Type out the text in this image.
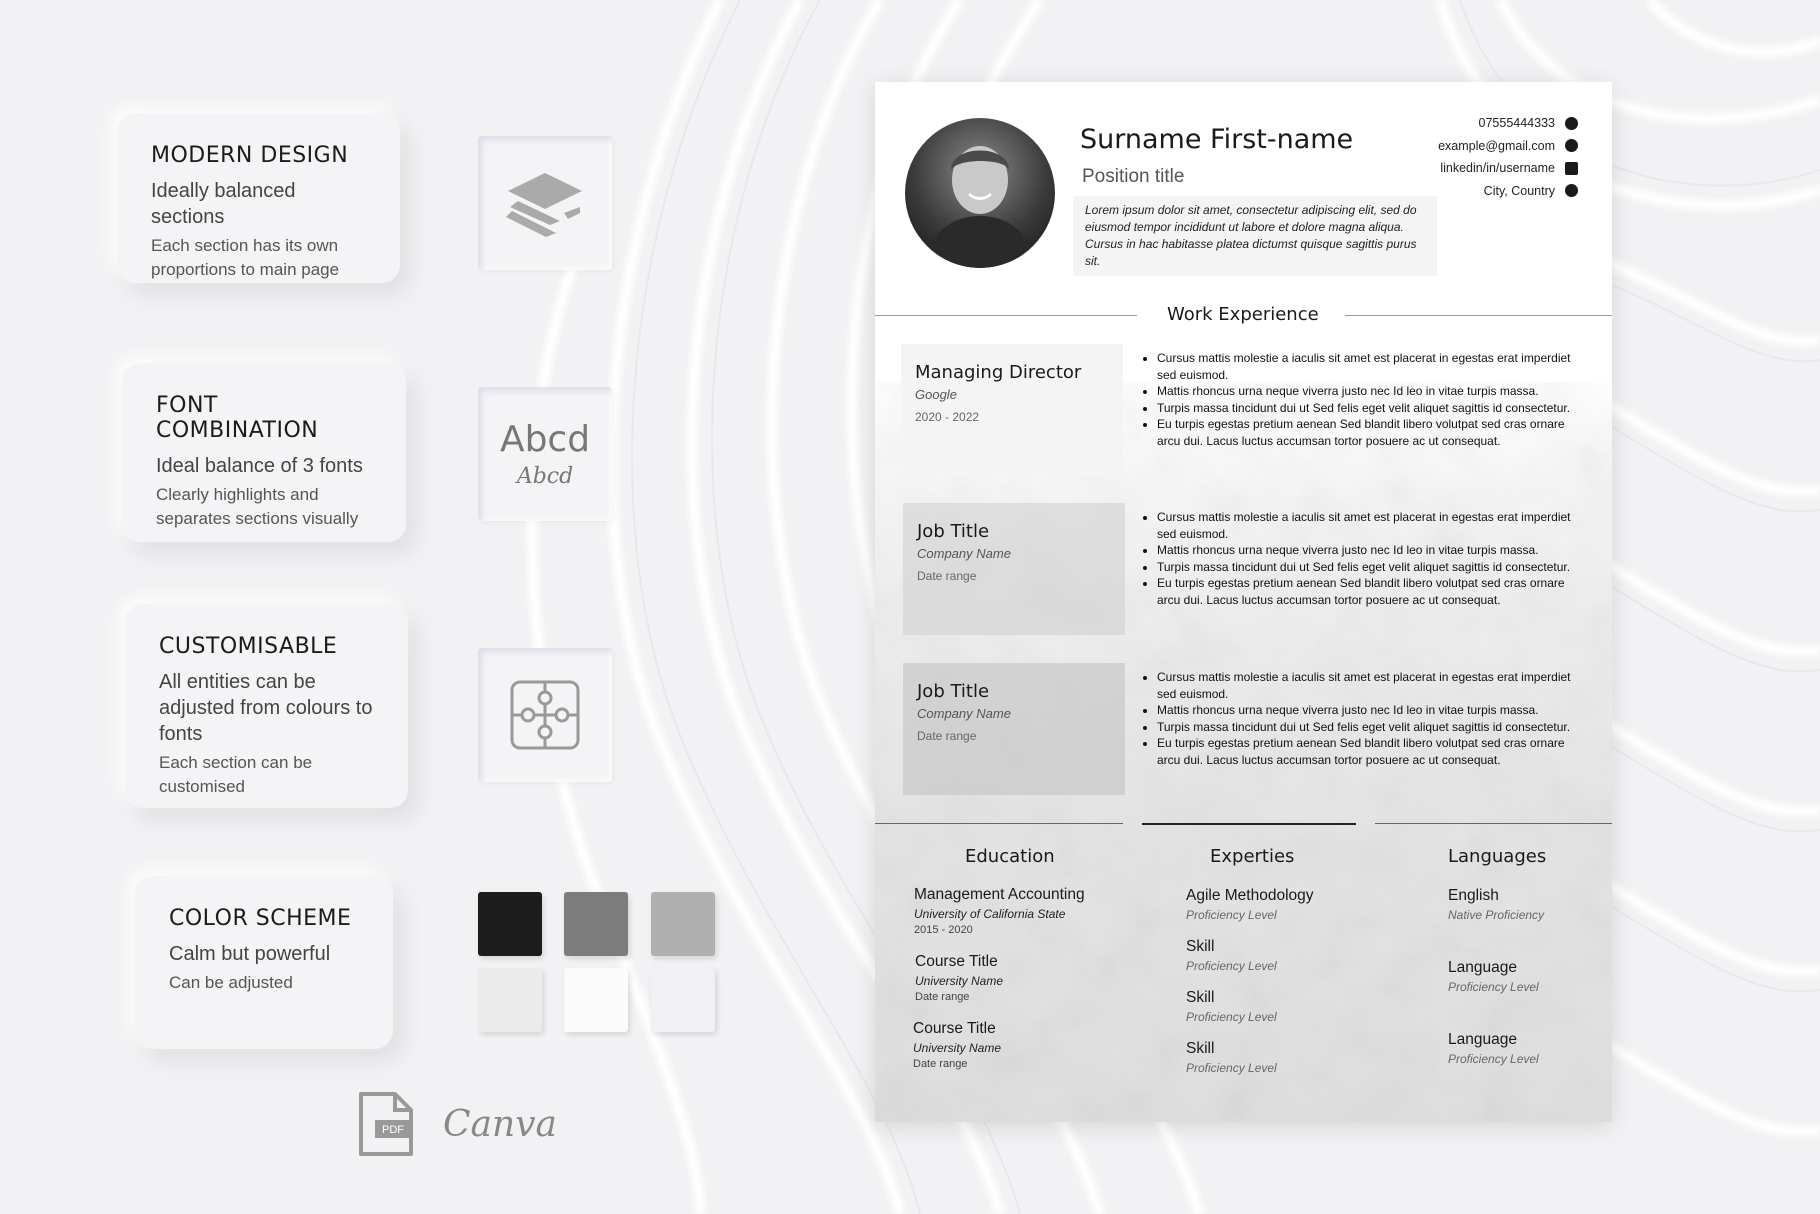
MODERN DESIGN
Ideally balanced sections
Each section has its own proportions to main page
FONT COMBINATION
Ideal balance of 3 fonts
Clearly highlights and separates sections visually
Abcd
Abcd
CUSTOMISABLE
All entities can be adjusted from colours to fonts
Each section can be customised
COLOR SCHEME
Calm but powerful
Can be adjusted
PDF Canva
Surname First-name
Position title
Lorem ipsum dolor sit amet, consectetur adipiscing elit, sed do eiusmod tempor incididunt ut labore et dolore magna aliqua. Cursus in hac habitasse platea dictumst quisque sagittis purus sit.
07555444333
example@gmail.com
linkedin/in/username
City, Country
Work Experience
Managing Director
Google
2020 - 2022
• Cursus mattis molestie a iaculis sit amet est placerat in egestas erat imperdiet sed euismod.
• Mattis rhoncus urna neque viverra justo nec Id leo in vitae turpis massa.
• Turpis massa tincidunt dui ut Sed felis eget velit aliquet sagittis id consectetur.
• Eu turpis egestas pretium aenean Sed blandit libero volutpat sed cras ornare arcu dui. Lacus luctus accumsan tortor posuere ac ut consequat.
Job Title
Company Name
Date range
• Cursus mattis molestie a iaculis sit amet est placerat in egestas erat imperdiet sed euismod.
• Mattis rhoncus urna neque viverra justo nec Id leo in vitae turpis massa.
• Turpis massa tincidunt dui ut Sed felis eget velit aliquet sagittis id consectetur.
• Eu turpis egestas pretium aenean Sed blandit libero volutpat sed cras ornare arcu dui. Lacus luctus accumsan tortor posuere ac ut consequat.
Job Title
Company Name
Date range
• Cursus mattis molestie a iaculis sit amet est placerat in egestas erat imperdiet sed euismod.
• Mattis rhoncus urna neque viverra justo nec Id leo in vitae turpis massa.
• Turpis massa tincidunt dui ut Sed felis eget velit aliquet sagittis id consectetur.
• Eu turpis egestas pretium aenean Sed blandit libero volutpat sed cras ornare arcu dui. Lacus luctus accumsan tortor posuere ac ut consequat.
Education
Management Accounting
University of California State
2015 - 2020
Course Title
University Name
Date range
Course Title
University Name
Date range
Experties
Agile Methodology
Proficiency Level
Skill
Proficiency Level
Skill
Proficiency Level
Skill
Proficiency Level
Languages
English
Native Proficiency
Language
Proficiency Level
Language
Proficiency Level
